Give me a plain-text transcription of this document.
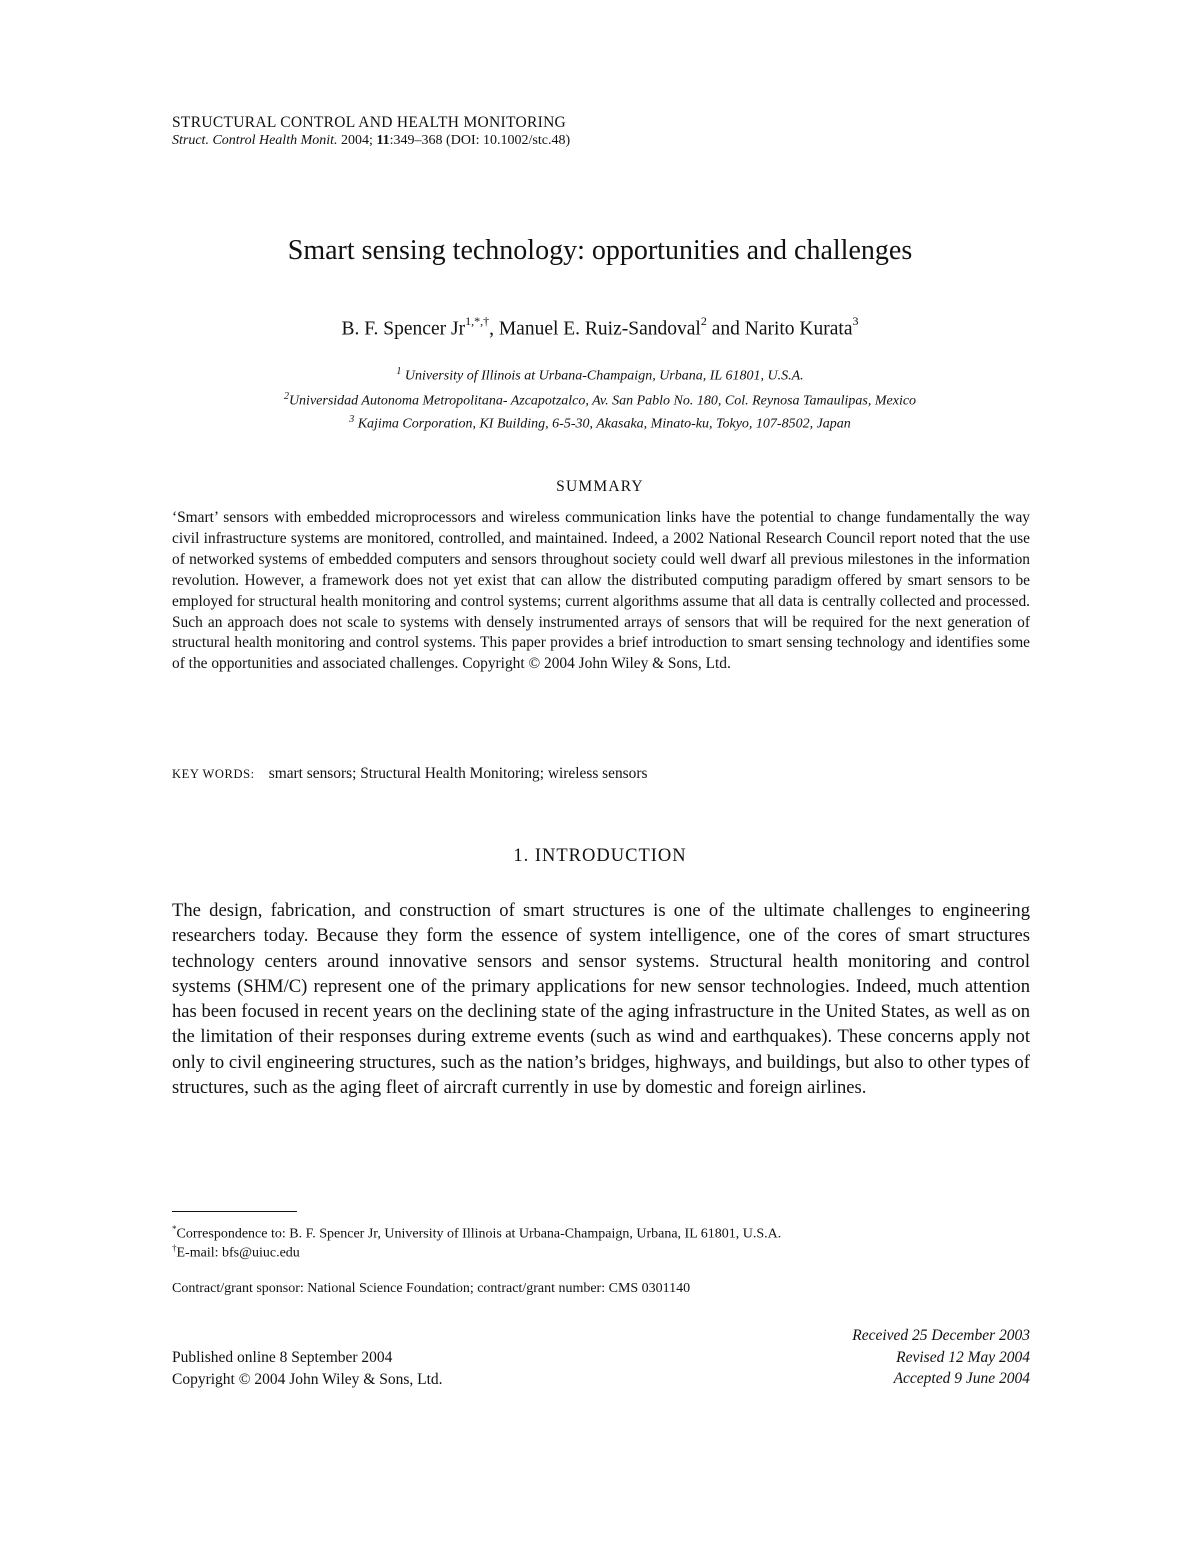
STRUCTURAL CONTROL AND HEALTH MONITORING
Struct. Control Health Monit. 2004; 11:349–368 (DOI: 10.1002/stc.48)
Smart sensing technology: opportunities and challenges
B. F. Spencer $Jr^{1,*,\dagger}$, Manuel E. Ruiz-Sandoval$^2$ and Narito Kurata$^3$
$^1$ University of Illinois at Urbana-Champaign, Urbana, IL 61801, U.S.A.
$^2$Universidad Autonoma Metropolitana- Azcapotzalco, Av. San Pablo No. 180, Col. Reynosa Tamaulipas, Mexico
$^3$ Kajima Corporation, KI Building, 6-5-30, Akasaka, Minato-ku, Tokyo, 107-8502, Japan
SUMMARY
‘Smart’ sensors with embedded microprocessors and wireless communication links have the potential to change fundamentally the way civil infrastructure systems are monitored, controlled, and maintained. Indeed, a 2002 National Research Council report noted that the use of networked systems of embedded computers and sensors throughout society could well dwarf all previous milestones in the information revolution. However, a framework does not yet exist that can allow the distributed computing paradigm offered by smart sensors to be employed for structural health monitoring and control systems; current algorithms assume that all data is centrally collected and processed. Such an approach does not scale to systems with densely instrumented arrays of sensors that will be required for the next generation of structural health monitoring and control systems. This paper provides a brief introduction to smart sensing technology and identifies some of the opportunities and associated challenges. Copyright © 2004 John Wiley & Sons, Ltd.
KEY WORDS: smart sensors; Structural Health Monitoring; wireless sensors
1. INTRODUCTION
The design, fabrication, and construction of smart structures is one of the ultimate challenges to engineering researchers today. Because they form the essence of system intelligence, one of the cores of smart structures technology centers around innovative sensors and sensor systems. Structural health monitoring and control systems (SHM/C) represent one of the primary applications for new sensor technologies. Indeed, much attention has been focused in recent years on the declining state of the aging infrastructure in the United States, as well as on the limitation of their responses during extreme events (such as wind and earthquakes). These concerns apply not only to civil engineering structures, such as the nation’s bridges, highways, and buildings, but also to other types of structures, such as the aging fleet of aircraft currently in use by domestic and foreign airlines.
*Correspondence to: B. F. Spencer Jr, University of Illinois at Urbana-Champaign, Urbana, IL 61801, U.S.A.
†E-mail: bfs@uiuc.edu
Contract/grant sponsor: National Science Foundation; contract/grant number: CMS 0301140
Received 25 December 2003
Revised 12 May 2004
Accepted 9 June 2004
Published online 8 September 2004
Copyright © 2004 John Wiley & Sons, Ltd.
